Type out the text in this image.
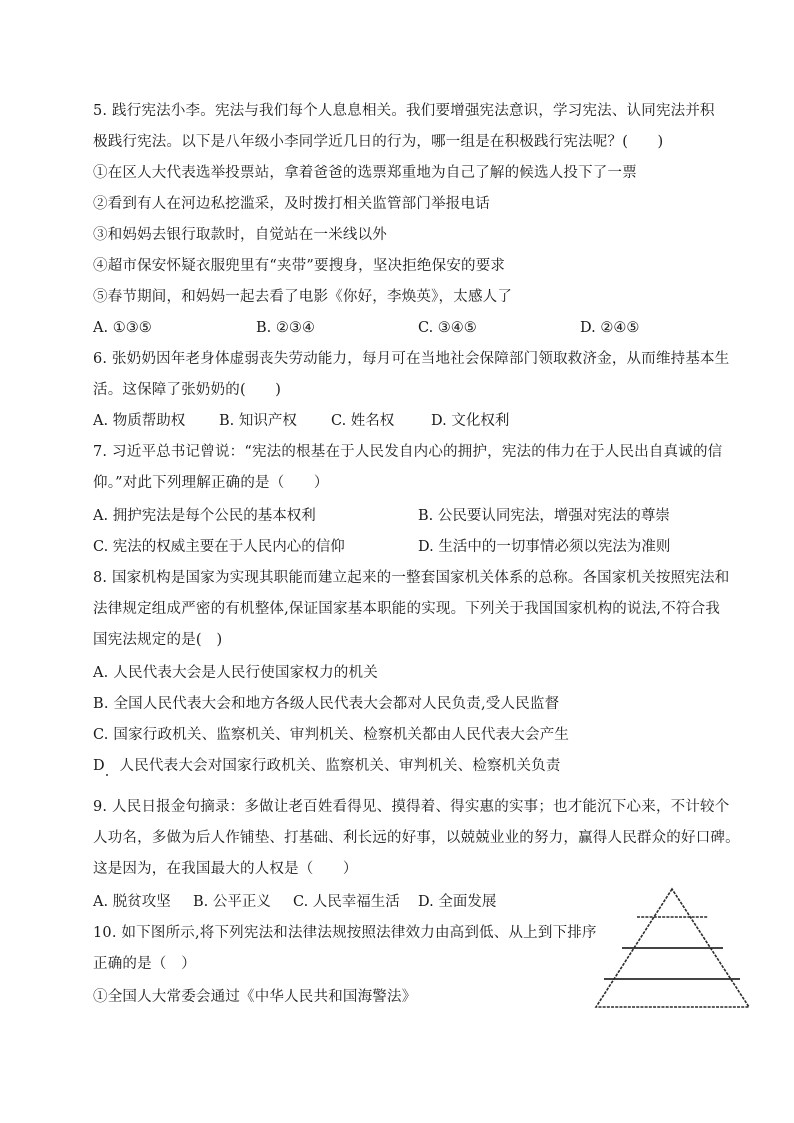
5. 践行宪法́小李。宪法与我们每个人息息相关。我们要增强宪法意识，学习宪法、认同宪法并积
极践行宪法。以下是八年级小李同学近几日的行为，哪一组是在积极践行宪法呢？(　　)
①在区人大代表选举投票站，拿着爸爸的选票郑重地为自己了解的候选人投下了一票
②看到有人在河边私挖滥采，及时拨打相关监管部门举报电话
③和妈妈去银行取款时，自觉站在一米线以外
④超市保安怀疑衣服兜里有“夹带”要搜身，坚决拒绝保安的要求
⑤春节期间，和妈妈一起去看了电影《你好，李焕英》，太感人了
A. ①③⑤	B. ②③④	C. ③④⑤	D. ②④⑤
6. 张奶奶因年老身体虚弱丧失劳动能力，每月可在当地社会保障部门领取救济金，从而维持基本生
活。这保障了张奶奶的(　　)
A. 物质帮助权 B. 知识产权 C. 姓名权	D. 文化权利
7. 习近平总书记曾说：“宪法的根基在于人民发自内心的拥护，宪法的伟力在于人民出自真诚的信
仰。”对此下列理解正确的是（　　）
A. 拥护宪法是每个公民的基本权利	B. 公民要认同宪法，增强对宪法的尊崇
C. 宪法的权威主要在于人民内心的信仰	D. 生活中的一切事情必须以宪法为准则
8. 国家机构是国家为实现其职能而建立起来的一整套国家机关体系的总称。各国家机关按照宪法和
法律规定组成严密的有机整体,保证国家基本职能的实现。下列关于我国国家机构的说法,不符合我
国宪法规定的是(　)
A. 人民代表大会是人民行使国家权力的机关
B. 全国人民代表大会和地方各级人民代表大会都对人民负责,受人民监督
C. 国家行政机关、监察机关、审判机关、检察机关都由人民代表大会产生
D　人民代表大会对国家行政机关、监察机关、审判机关、检察机关负责
9. 人民日报金句摘录：多做让老百姓看得见、摸得着、得实惠的实事；也才能沉下心来，不计较个
人功名，多做为后人作铺垫、打基础、利长远的好事，以兢兢业业的努力，赢得人民群众的好口碑。
这是因为，在我国最大的人权是（　　）
A. 脱贫攻坚 B. 公平正义 C. 人民幸福生活 D. 全面发展
10. 如下图所示,将下列宪法和法律法规按照法律效力由高到低、从上到下排序
正确的是（　）
①全国人大常委会通过《中华人民共和国海警法》
